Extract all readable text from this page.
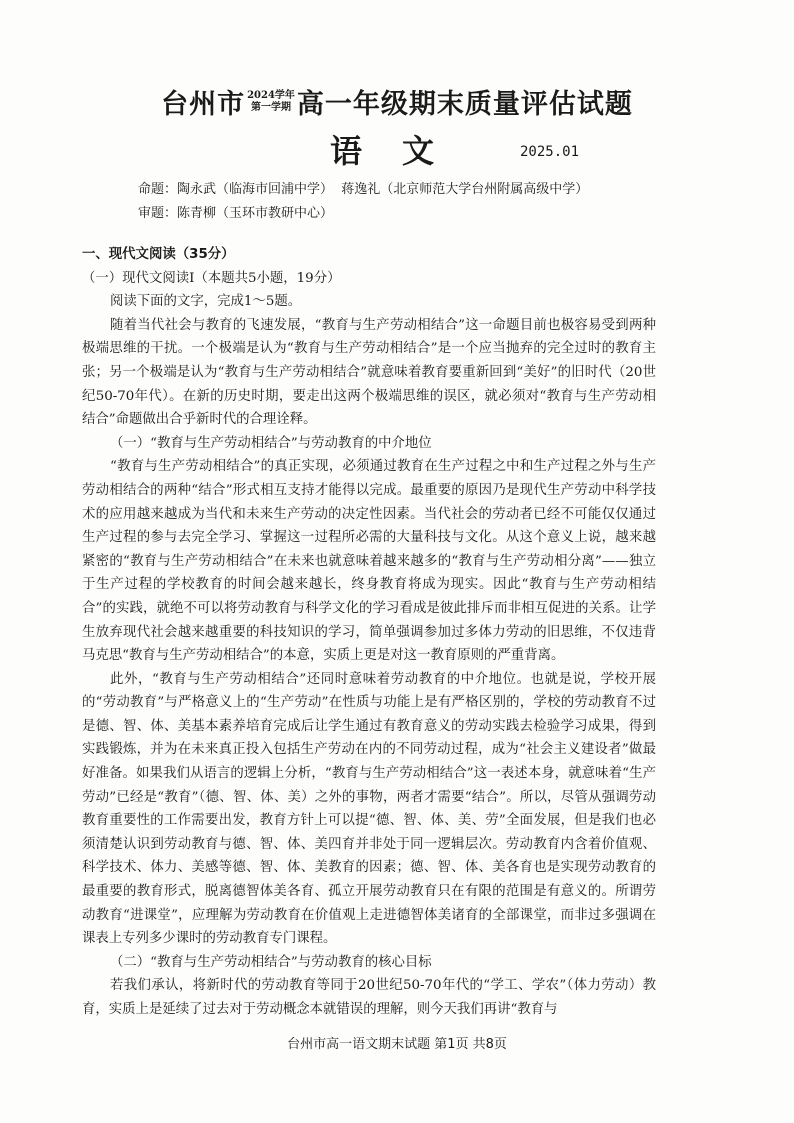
台州市 2024学年
第一学期 高一年级期末质量评估试题
语文	2025.01
命题： 陶永武（临海市回浦中学）  蒋逸礼（北京师范大学台州附属高级中学）
审题： 陈青柳（玉环市教研中心）

一、现代文阅读（35分）

（一）现代文阅读Ⅰ（本题共5小题，19分）

阅读下面的文字，完成1～5题。

随着当代社会与教育的飞速发展，“教育与生产劳动相结合”这一命题目前也极容易受到两种极端思维的干扰。一个极端是认为“教育与生产劳动相结合”是一个应当抛弃的完全过时的教育主张；另一个极端是认为“教育与生产劳动相结合”就意味着教育要重新回到“美好”的旧时代（20世纪50-70年代）。在新的历史时期，要走出这两个极端思维的误区，就必须对“教育与生产劳动相结合”命题做出合乎新时代的合理诠释。

（一）“教育与生产劳动相结合”与劳动教育的中介地位

“教育与生产劳动相结合”的真正实现，必须通过教育在生产过程之中和生产过程之外与生产劳动相结合的两种“结合”形式相互支持才能得以完成。最重要的原因乃是现代生产劳动中科学技术的应用越来越成为当代和未来生产劳动的决定性因素。当代社会的劳动者已经不可能仅仅通过生产过程的参与去完全学习、掌握这一过程所必需的大量科技与文化。从这个意义上说，越来越紧密的“教育与生产劳动相结合”在未来也就意味着越来越多的“教育与生产劳动相分离”——独立于生产过程的学校教育的时间会越来越长，终身教育将成为现实。因此“教育与生产劳动相结合”的实践，就绝不可以将劳动教育与科学文化的学习看成是彼此排斥而非相互促进的关系。让学生放弃现代社会越来越重要的科技知识的学习，简单强调参加过多体力劳动的旧思维，不仅违背马克思“教育与生产劳动相结合”的本意，实质上更是对这一教育原则的严重背离。

此外，“教育与生产劳动相结合”还同时意味着劳动教育的中介地位。也就是说，学校开展的“劳动教育”与严格意义上的“生产劳动”在性质与功能上是有严格区别的，学校的劳动教育不过是德、智、体、美基本素养培育完成后让学生通过有教育意义的劳动实践去检验学习成果，得到实践锻炼，并为在未来真正投入包括生产劳动在内的不同劳动过程，成为“社会主义建设者”做最好准备。如果我们从语言的逻辑上分析，“教育与生产劳动相结合”这一表述本身，就意味着“生产劳动”已经是“教育”（德、智、体、美）之外的事物，两者才需要“结合”。所以，尽管从强调劳动教育重要性的工作需要出发，教育方针上可以提“德、智、体、美、劳”全面发展，但是我们也必须清楚认识到劳动教育与德、智、体、美四育并非处于同一逻辑层次。劳动教育内含着价值观、科学技术、体力、美感等德、智、体、美教育的因素；德、智、体、美各育也是实现劳动教育的最重要的教育形式，脱离德智体美各育、孤立开展劳动教育只在有限的范围是有意义的。所谓劳动教育“进课堂”，应理解为劳动教育在价值观上走进德智体美诸育的全部课堂，而非过多强调在课表上专列多少课时的劳动教育专门课程。

（二）“教育与生产劳动相结合”与劳动教育的核心目标

若我们承认，将新时代的劳动教育等同于20世纪50-70年代的“学工、学农”（体力劳动）教育，实质上是延续了过去对于劳动概念本就错误的理解，则今天我们再讲“教育与

台州市高一语文期末试题 第1页 共8页
